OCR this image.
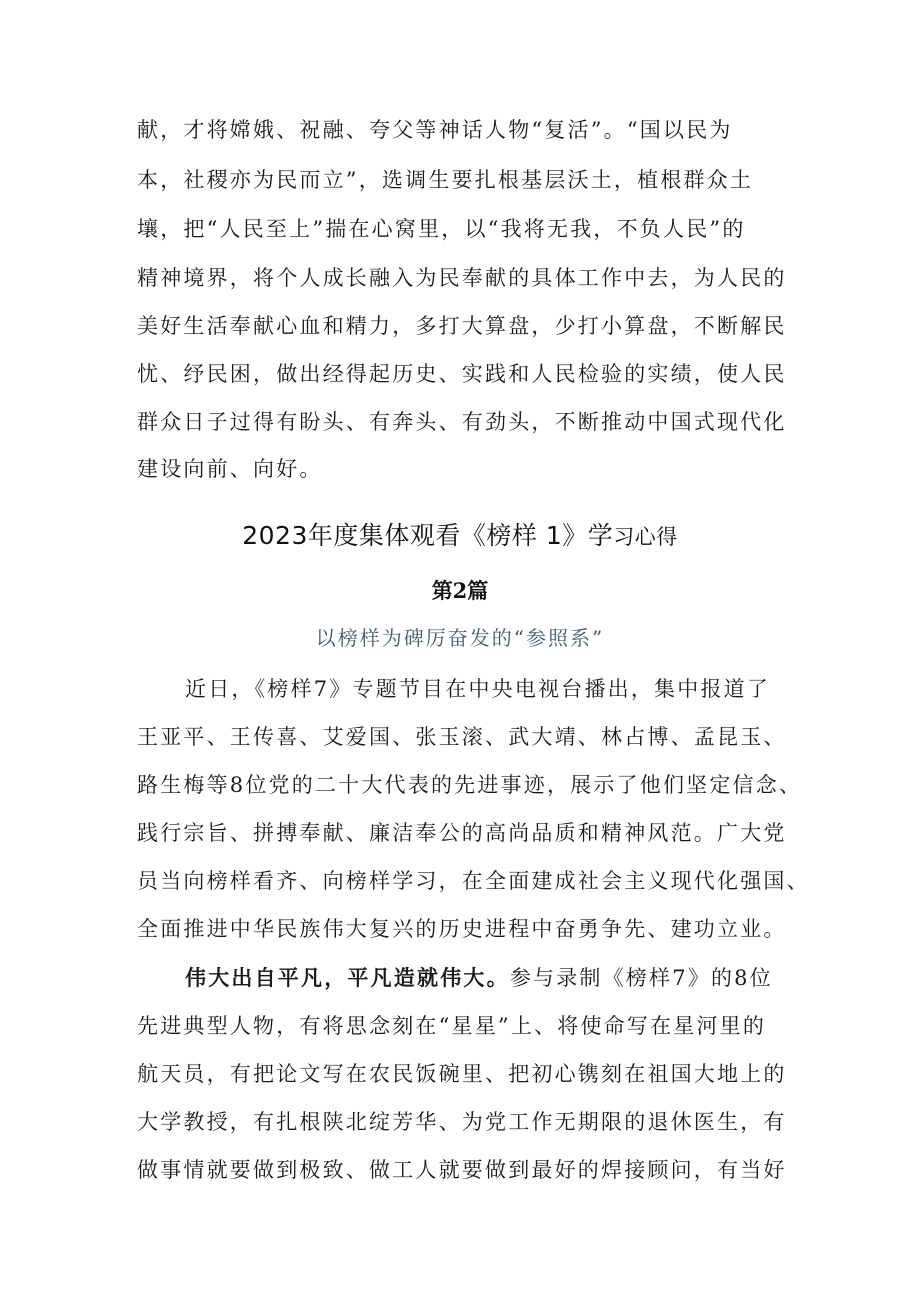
献，才将嫦娥、祝融、夸父等神话人物“复活”。“国以民为
本，社稷亦为民而立”，选调生要扎根基层沃土，植根群众土
壤，把“人民至上”揣在心窝里，以“我将无我，不负人民”的
精神境界，将个人成长融入为民奉献的具体工作中去，为人民的
美好生活奉献心血和精力，多打大算盘，少打小算盘，不断解民
忧、纾民困，做出经得起历史、实践和人民检验的实绩，使人民
群众日子过得有盼头、有奔头、有劲头，不断推动中国式现代化
建设向前、向好。
2023年度集体观看《榜样 1》学习心得
第2篇
以榜样为碑厉奋发的“参照系”
近日，《榜样7》专题节目在中央电视台播出，集中报道了
王亚平、王传喜、艾爱国、张玉滚、武大靖、林占博、孟昆玉、
路生梅等8位党的二十大代表的先进事迹，展示了他们坚定信念、
践行宗旨、拼搏奉献、廉洁奉公的高尚品质和精神风范。广大党
员当向榜样看齐、向榜样学习，在全面建成社会主义现代化强国、
全面推进中华民族伟大复兴的历史进程中奋勇争先、建功立业。
伟大出自平凡，平凡造就伟大。参与录制《榜样7》的8位
先进典型人物，有将思念刻在“星星”上、将使命写在星河里的
航天员，有把论文写在农民饭碗里、把初心镌刻在祖国大地上的
大学教授，有扎根陕北绽芳华、为党工作无期限的退休医生，有
做事情就要做到极致、做工人就要做到最好的焊接顾问，有当好
